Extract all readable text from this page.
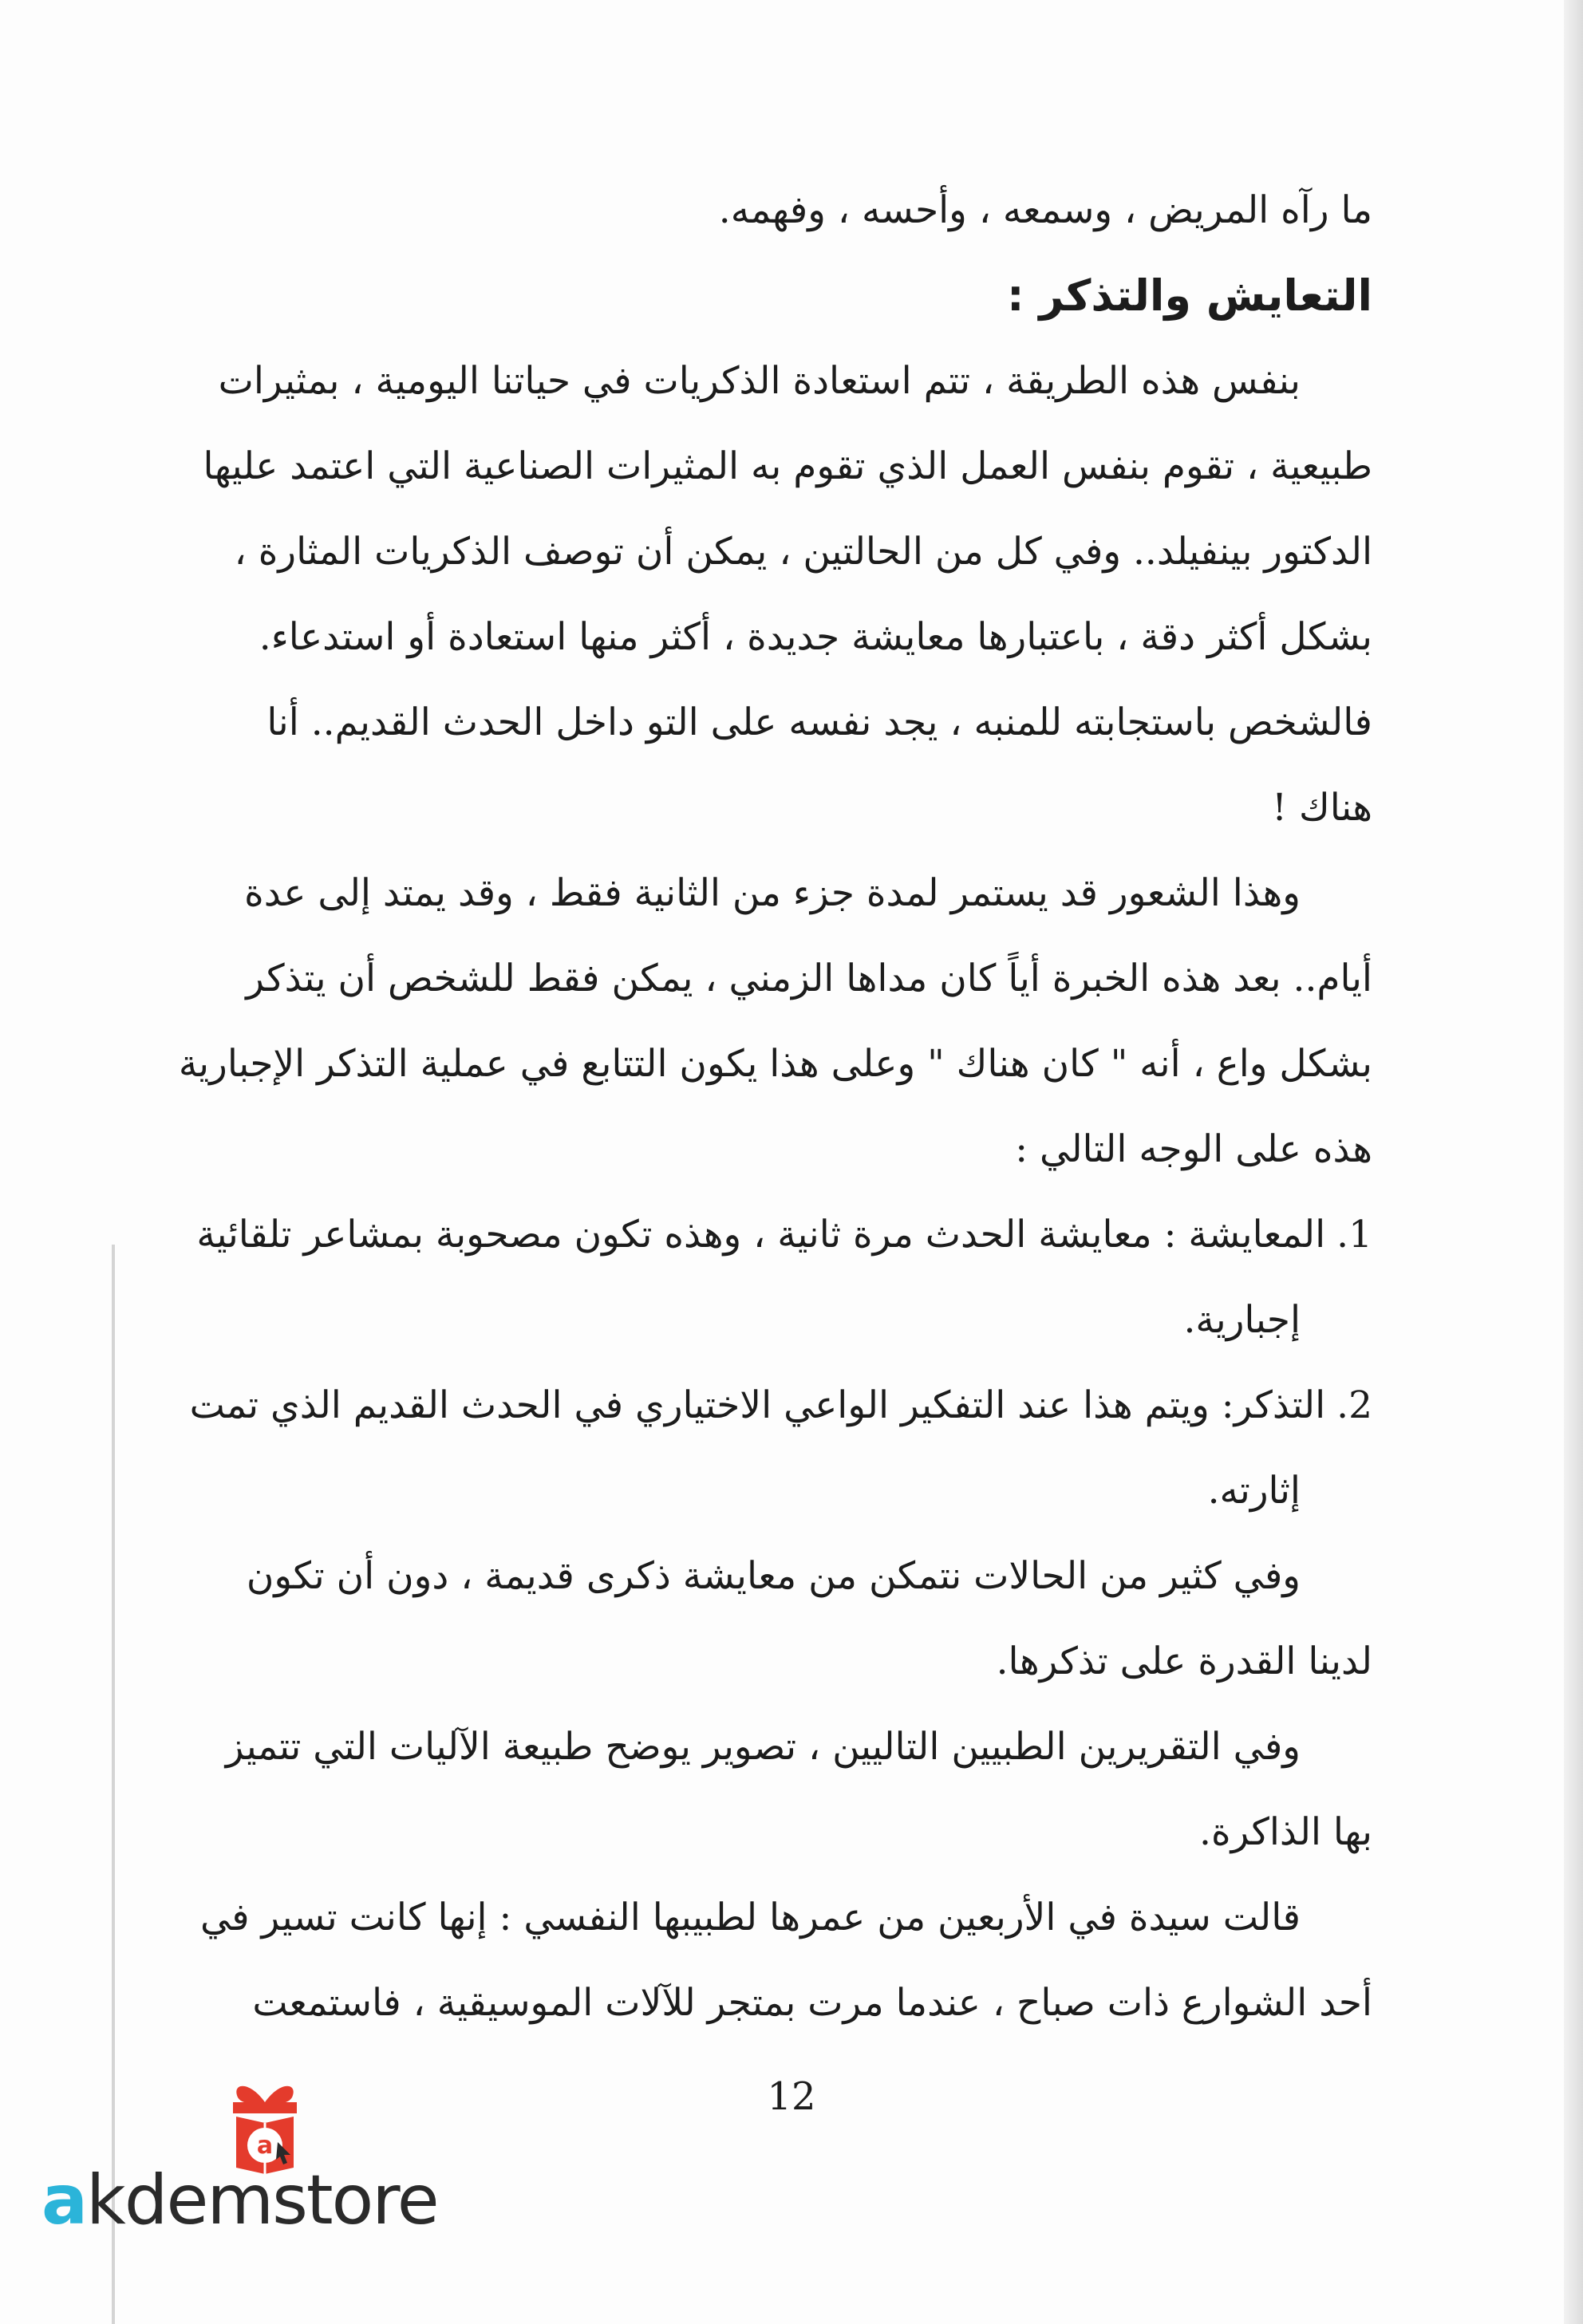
ما رآه المريض ، وسمعه ، وأحسه ، وفهمه.

التعايش والتذكر :

بنفس هذه الطريقة ، تتم استعادة الذكريات في حياتنا اليومية ، بمثيرات

طبيعية ، تقوم بنفس العمل الذي تقوم به المثيرات الصناعية التي اعتمد عليها

الدكتور بينفيلد.. وفي كل من الحالتين ، يمكن أن توصف الذكريات المثارة ،

بشكل أكثر دقة ، باعتبارها معايشة جديدة ، أكثر منها استعادة أو استدعاء.

فالشخص باستجابته للمنبه ، يجد نفسه على التو داخل الحدث القديم.. أنا

هناك !

وهذا الشعور قد يستمر لمدة جزء من الثانية فقط ، وقد يمتد إلى عدة

أيام.. بعد هذه الخبرة أياً كان مداها الزمني ، يمكن فقط للشخص أن يتذكر

بشكل واع ، أنه " كان هناك " وعلى هذا يكون التتابع في عملية التذكر الإجبارية

هذه على الوجه التالي :

1.المعايشة : معايشة الحدث مرة ثانية ، وهذه تكون مصحوبة بمشاعر تلقائية

إجبارية.

2.التذكر: ويتم هذا عند التفكير الواعي الاختياري في الحدث القديم الذي تمت

إثارته.

وفي كثير من الحالات نتمكن من معايشة ذكرى قديمة ، دون أن تكون

لدينا القدرة على تذكرها.

وفي التقريرين الطبيين التاليين ، تصوير يوضح طبيعة الآليات التي تتميز

بها الذاكرة.

قالت سيدة في الأربعين من عمرها لطبيبها النفسي : إنها كانت تسير في

أحد الشوارع ذات صباح ، عندما مرت بمتجر للآلات الموسيقية ، فاستمعت

12
a
akdemstore
